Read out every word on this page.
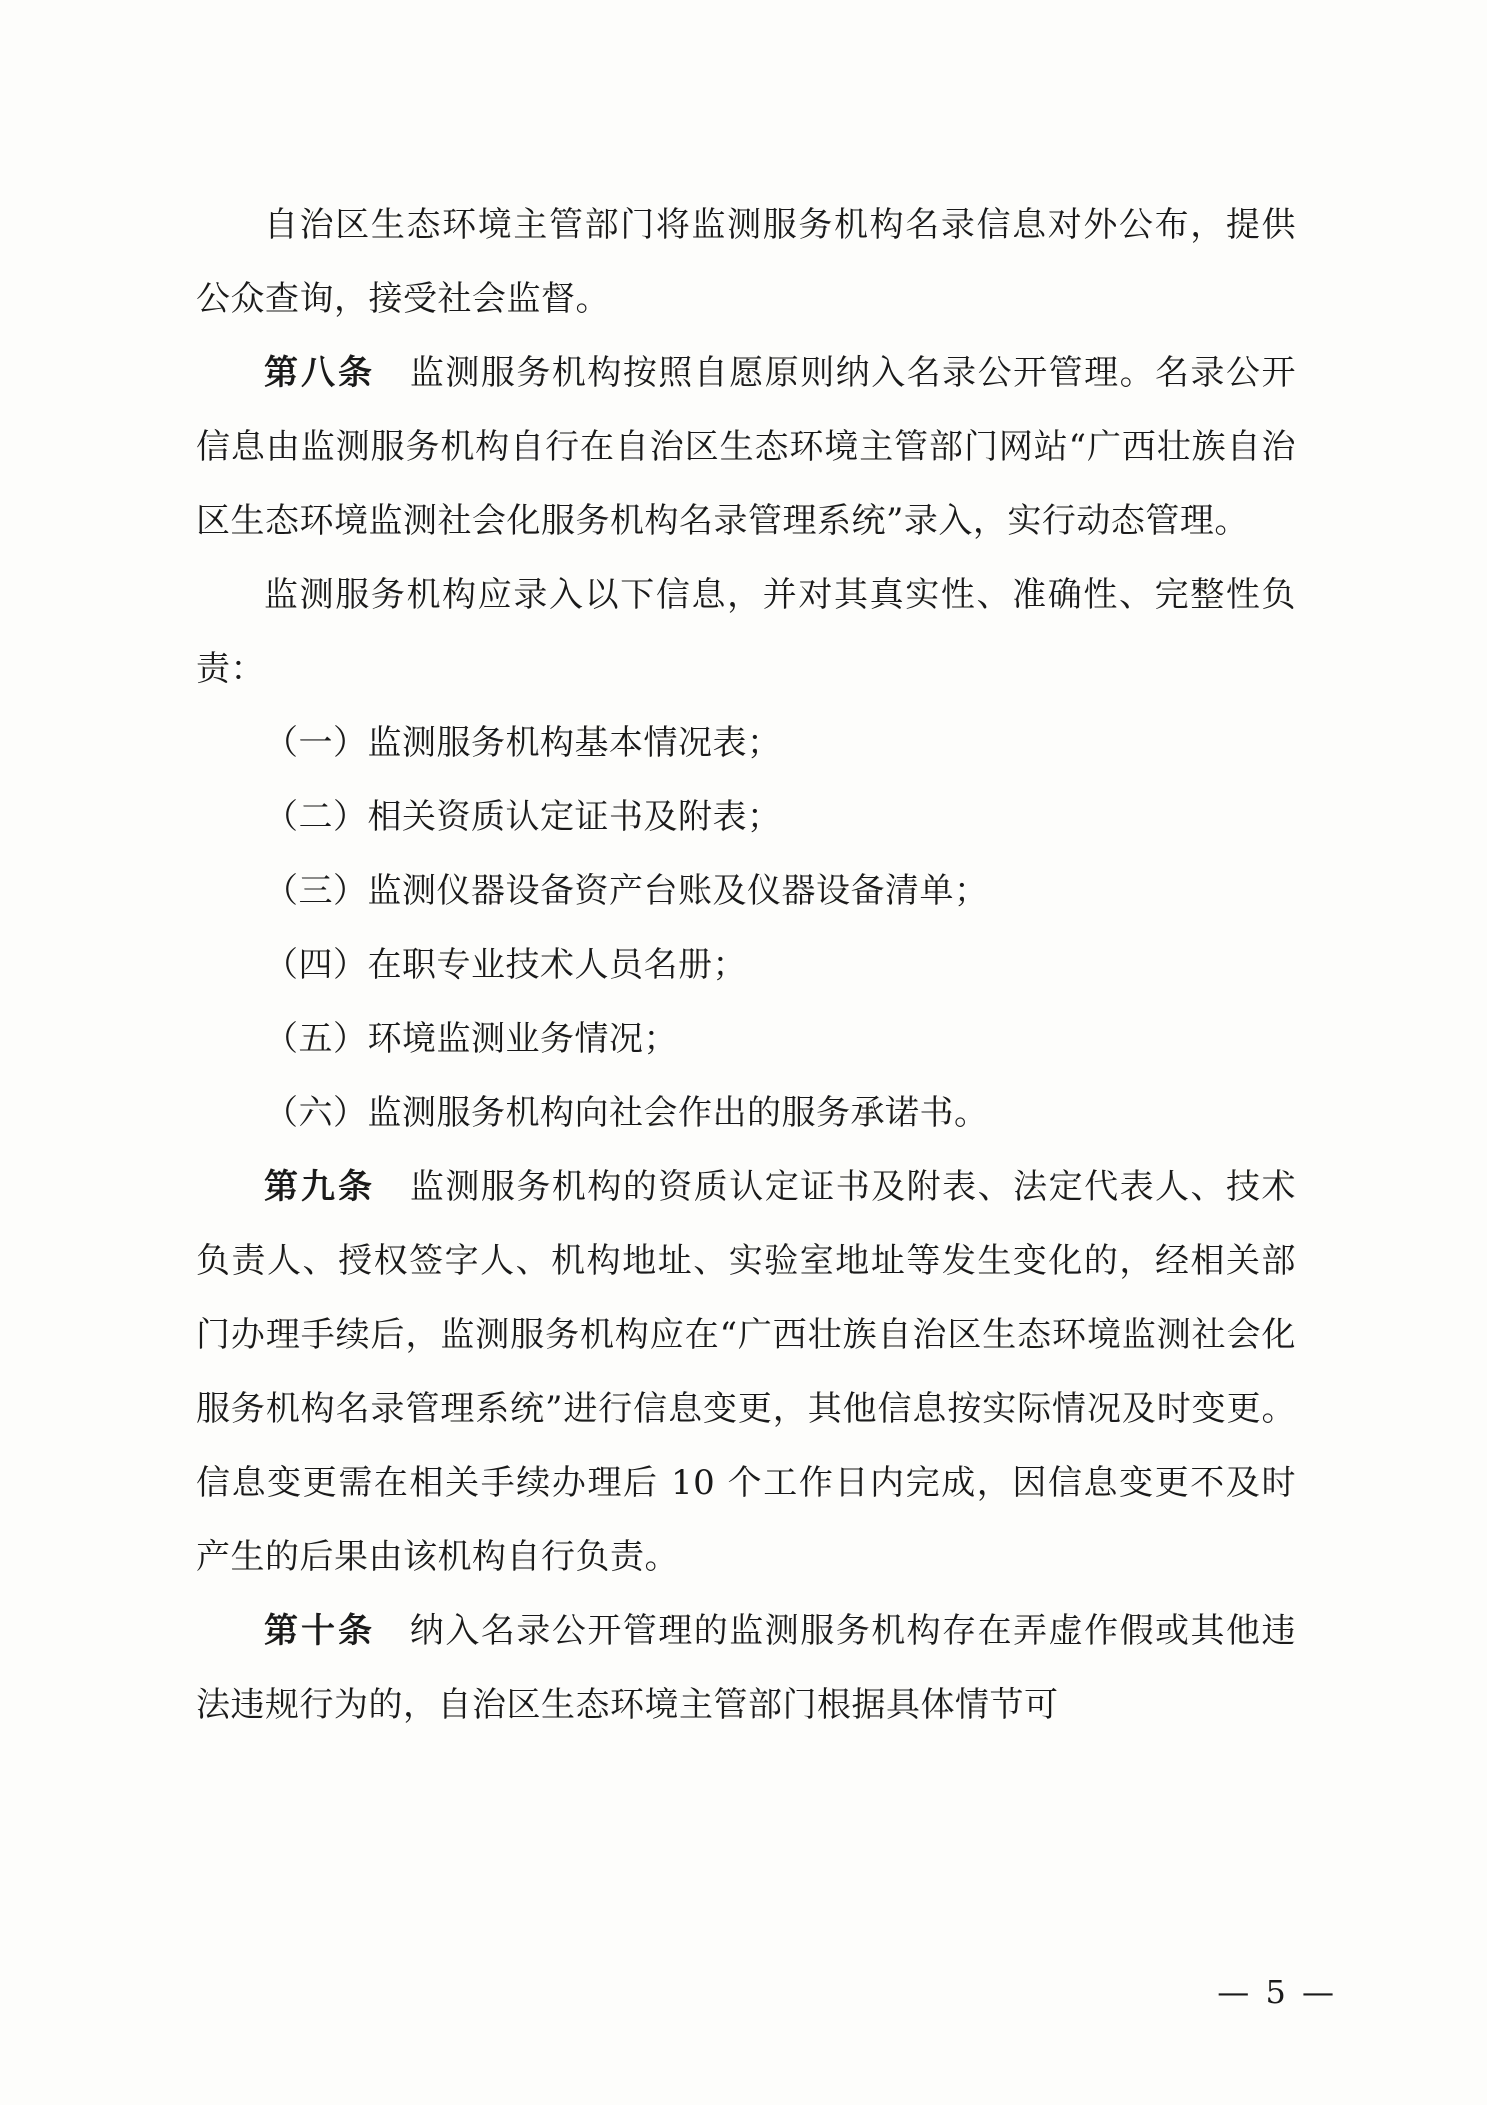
自治区生态环境主管部门将监测服务机构名录信息对外公布，提供公众查询，接受社会监督。

第八条 监测服务机构按照自愿原则纳入名录公开管理。名录公开信息由监测服务机构自行在自治区生态环境主管部门网站“广西壮族自治区生态环境监测社会化服务机构名录管理系统”录入，实行动态管理。

监测服务机构应录入以下信息，并对其真实性、准确性、完整性负责：

（一）监测服务机构基本情况表；
（二）相关资质认定证书及附表；
（三）监测仪器设备资产台账及仪器设备清单；
（四）在职专业技术人员名册；
（五）环境监测业务情况；
（六）监测服务机构向社会作出的服务承诺书。

第九条 监测服务机构的资质认定证书及附表、法定代表人、技术负责人、授权签字人、机构地址、实验室地址等发生变化的，经相关部门办理手续后，监测服务机构应在“广西壮族自治区生态环境监测社会化服务机构名录管理系统”进行信息变更，其他信息按实际情况及时变更。信息变更需在相关手续办理后 10 个工作日内完成，因信息变更不及时产生的后果由该机构自行负责。

第十条 纳入名录公开管理的监测服务机构存在弄虚作假或其他违法违规行为的，自治区生态环境主管部门根据具体情节可

— 5 —
